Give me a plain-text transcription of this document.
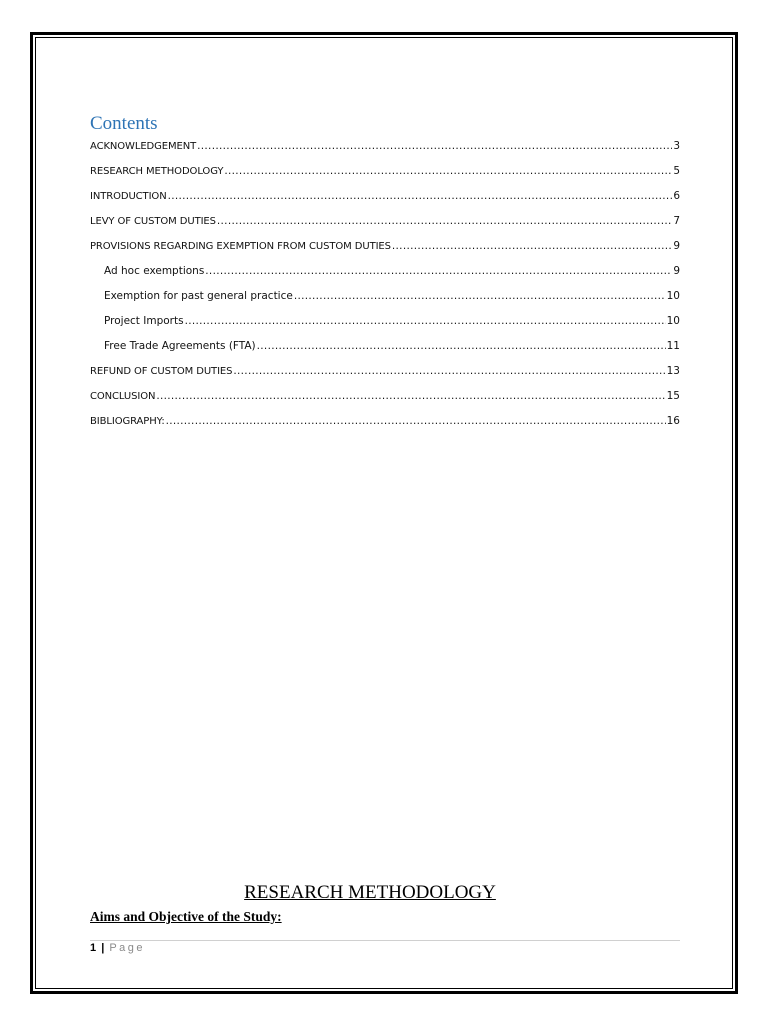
Contents
ACKNOWLEDGEMENT .....	3
RESEARCH METHODOLOGY .....	5
INTRODUCTION .....	6
LEVY OF CUSTOM DUTIES .....	7
PROVISIONS REGARDING EXEMPTION FROM CUSTOM DUTIES .....	9
Ad hoc exemptions .....	9
Exemption for past general practice .....	10
Project Imports .....	10
Free Trade Agreements (FTA) .....	11
REFUND OF CUSTOM DUTIES .....	13
CONCLUSION .....	15
BIBLIOGRAPHY: .....	16
RESEARCH METHODOLOGY
Aims and Objective of the Study:
1 | Page
